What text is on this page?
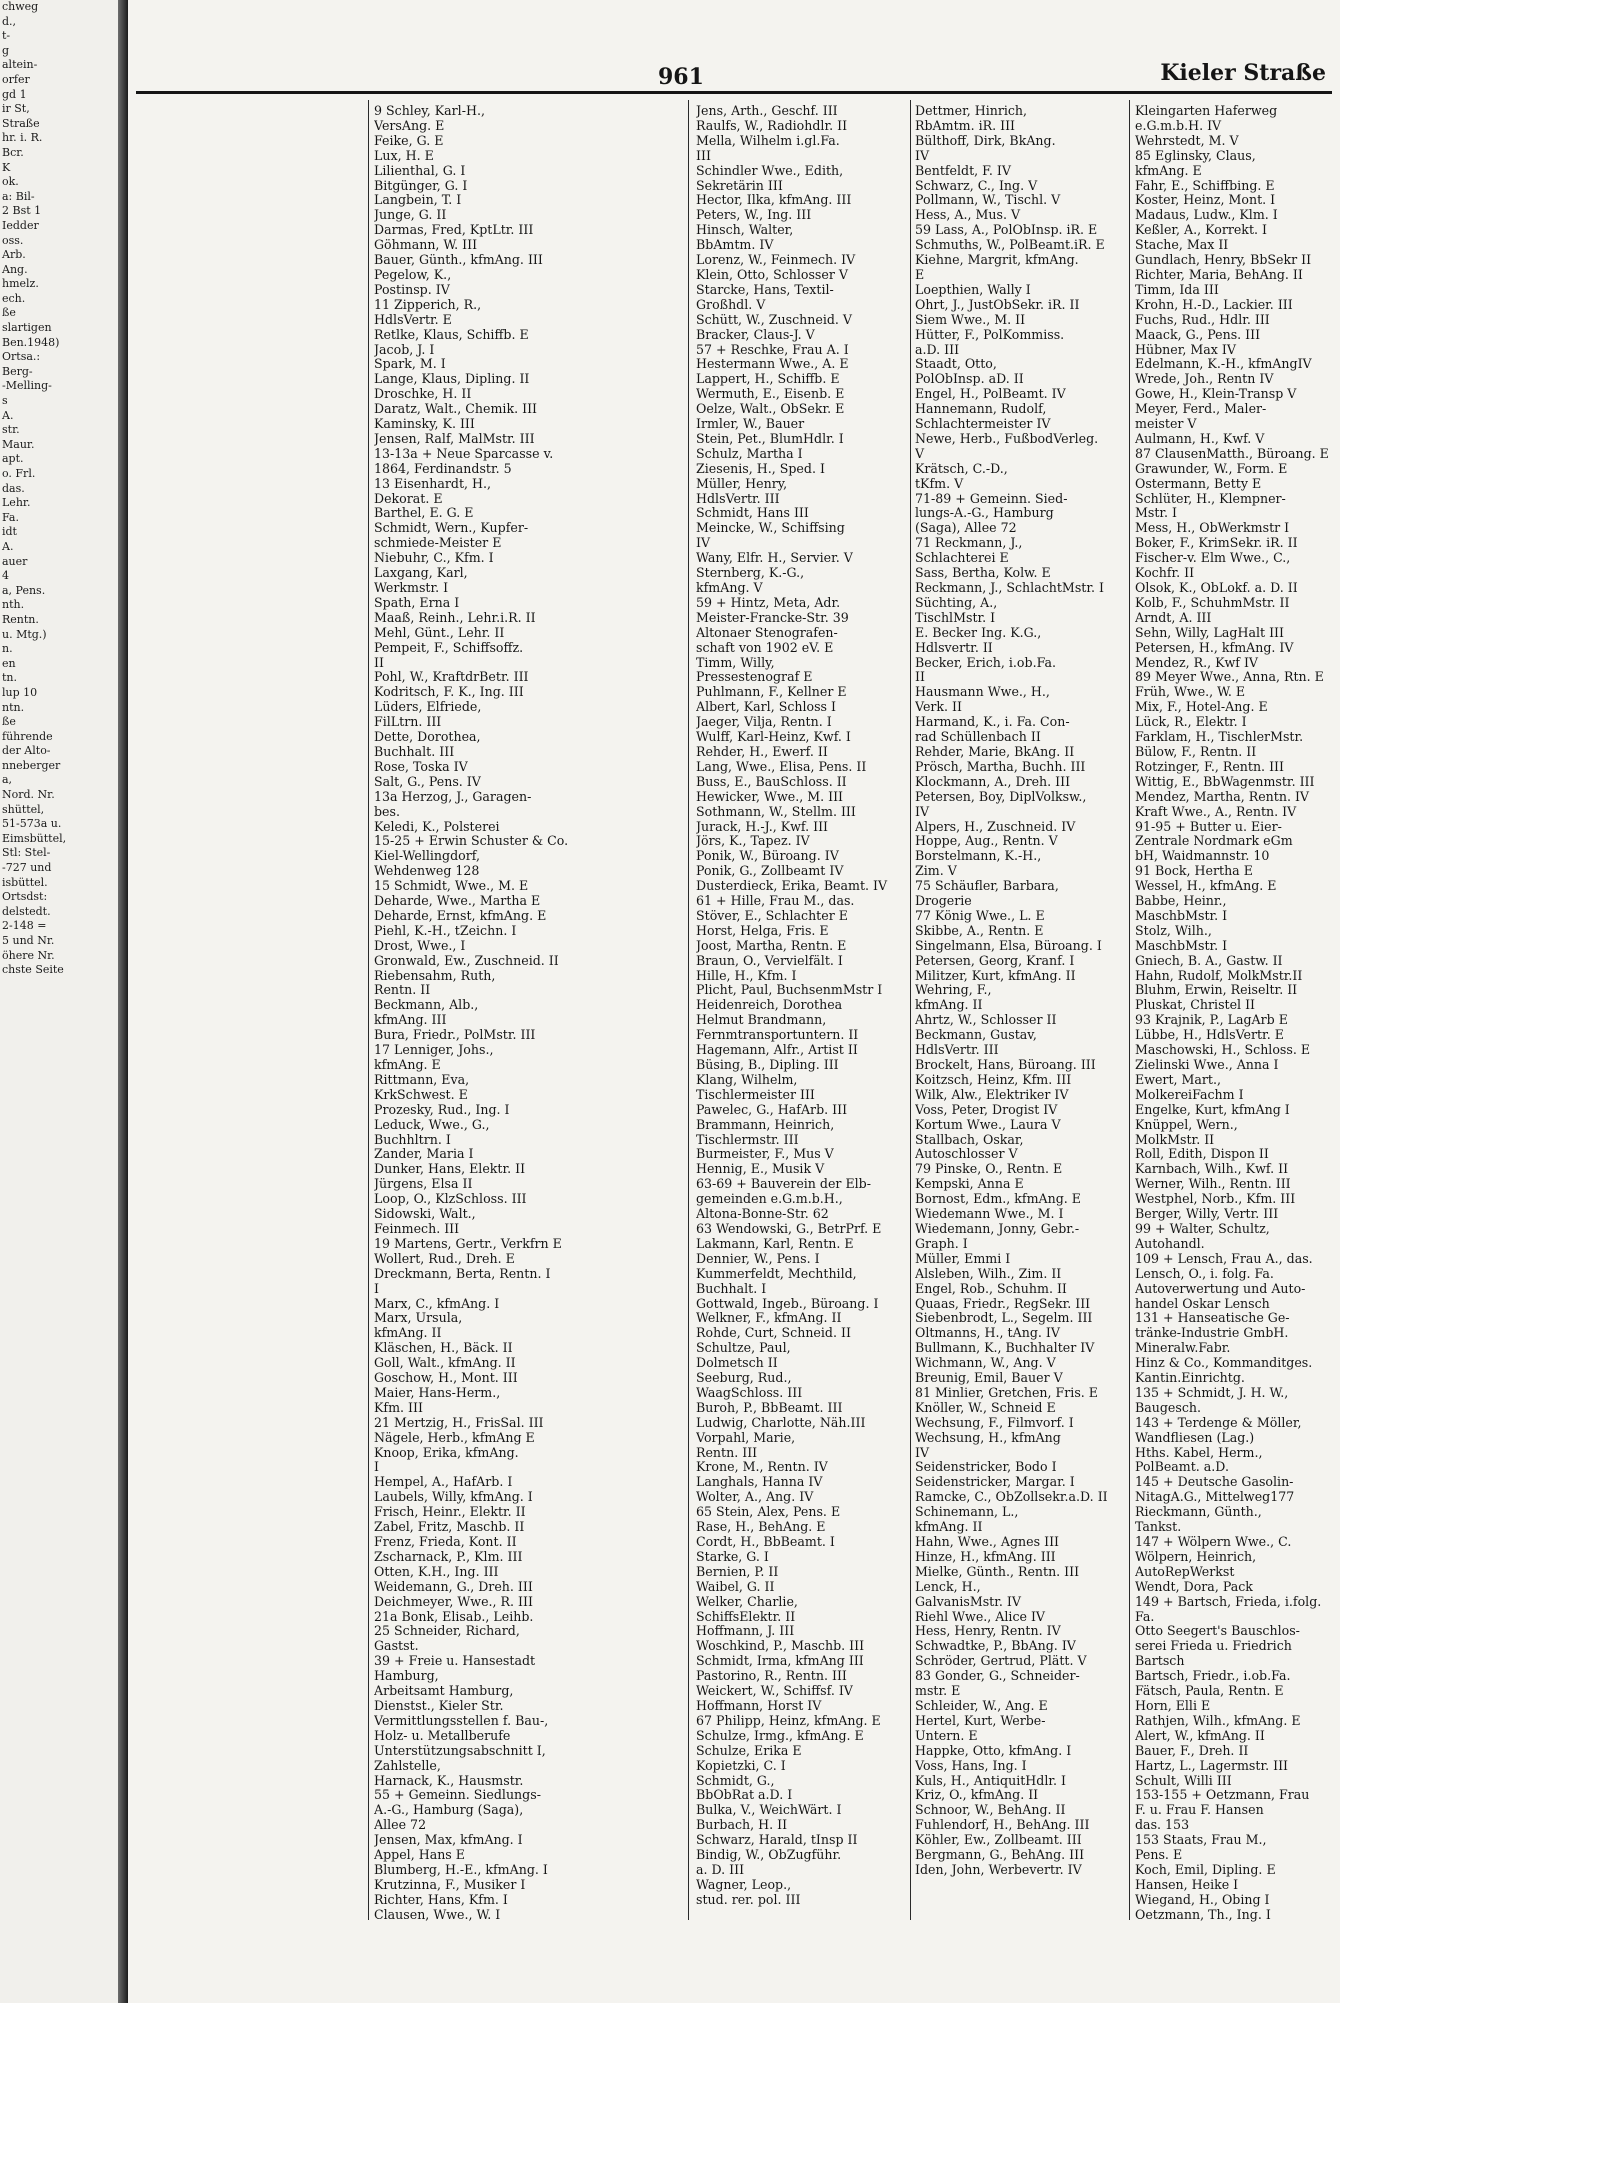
chweg
d.,
t-
g
altein-
orfer
gd 1
ir St,
Straße
hr. i. R.
Bcr.
K
ok.
a: Bil-
2 Bst 1
Iedder
oss.
Arb.
Ang.
hmelz.
ech.
ße
slartigen
Ben.1948)
Ortsa.:
Berg-
-Melling-
s
A.
str.
Maur.
apt.
o. Frl.
das.
Lehr.
Fa.
idt
A.
auer
4
a, Pens.
nth.
Rentn.
u. Mtg.)
n.
en
tn.
lup 10
ntn.
ße
führende
der Alto-
nneberger
a,
Nord. Nr.
shüttel,
51-573a u.
Eimsbüttel,
Stl: Stel-
-727 und
isbüttel.
Ortsdst:
delstedt.
2-148 =
5 und Nr.
öhere Nr.
chste Seite
961	Kieler Straße
9 Schley, Karl-H.,
VersAng. E
Feike, G. E
Lux, H. E
Lilienthal, G. I
Bitgünger, G. I
Langbein, T. I
Junge, G. II
Darmas, Fred, KptLtr. III
Göhmann, W. III
Bauer, Günth., kfmAng. III
Pegelow, K.,
Postinsp. IV
11 Zipperich, R.,
HdlsVertr. E
Retlke, Klaus, Schiffb. E
Jacob, J. I
Spark, M. I
Lange, Klaus, Dipling. II
Droschke, H. II
Daratz, Walt., Chemik. III
Kaminsky, K. III
Jensen, Ralf, MalMstr. III
13-13a + Neue Sparcasse v.
1864, Ferdinandstr. 5
13 Eisenhardt, H.,
Dekorat. E
Barthel, E. G. E
Schmidt, Wern., Kupfer-
schmiede-Meister E
Niebuhr, C., Kfm. I
Laxgang, Karl,
Werkmstr. I
Spath, Erna I
Maaß, Reinh., Lehr.i.R. II
Mehl, Günt., Lehr. II
Pempeit, F., Schiffsoffz.
II
Pohl, W., KraftdrBetr. III
Kodritsch, F. K., Ing. III
Lüders, Elfriede,
FilLtrn. III
Dette, Dorothea,
Buchhalt. III
Rose, Toska IV
Salt, G., Pens. IV
13a Herzog, J., Garagen-
bes.
Keledi, K., Polsterei
15-25 + Erwin Schuster & Co.
Kiel-Wellingdorf,
Wehdenweg 128
15 Schmidt, Wwe., M. E
Deharde, Wwe., Martha E
Deharde, Ernst, kfmAng. E
Piehl, K.-H., tZeichn. I
Drost, Wwe., I
Gronwald, Ew., Zuschneid. II
Riebensahm, Ruth,
Rentn. II
Beckmann, Alb.,
kfmAng. III
Bura, Friedr., PolMstr. III
17 Lenniger, Johs.,
kfmAng. E
Rittmann, Eva,
KrkSchwest. E
Prozesky, Rud., Ing. I
Leduck, Wwe., G.,
Buchhltrn. I
Zander, Maria I
Dunker, Hans, Elektr. II
Jürgens, Elsa II
Loop, O., KlzSchloss. III
Sidowski, Walt.,
Feinmech. III
19 Martens, Gertr., Verkfrn E
Wollert, Rud., Dreh. E
Dreckmann, Berta, Rentn. I
I
Marx, C., kfmAng. I
Marx, Ursula,
kfmAng. II
Kläschen, H., Bäck. II
Goll, Walt., kfmAng. II
Goschow, H., Mont. III
Maier, Hans-Herm.,
Kfm. III
21 Mertzig, H., FrisSal. III
Nägele, Herb., kfmAng E
Knoop, Erika, kfmAng.
I
Hempel, A., HafArb. I
Laubels, Willy, kfmAng. I
Frisch, Heinr., Elektr. II
Zabel, Fritz, Maschb. II
Frenz, Frieda, Kont. II
Zscharnack, P., Klm. III
Otten, K.H., Ing. III
Weidemann, G., Dreh. III
Deichmeyer, Wwe., R. III
21a Bonk, Elisab., Leihb.
25 Schneider, Richard,
Gastst.
39 + Freie u. Hansestadt
Hamburg,
Arbeitsamt Hamburg,
Dienstst., Kieler Str.
Vermittlungsstellen f. Bau-,
Holz- u. Metallberufe
Unterstützungsabschnitt I,
Zahlstelle,
Harnack, K., Hausmstr.
55 + Gemeinn. Siedlungs-
A.-G., Hamburg (Saga),
Allee 72
Jensen, Max, kfmAng. I
Appel, Hans E
Blumberg, H.-E., kfmAng. I
Krutzinna, F., Musiker I
Richter, Hans, Kfm. I
Clausen, Wwe., W. I
Jens, Arth., Geschf. III
Raulfs, W., Radiohdlr. II
Mella, Wilhelm i.gl.Fa.
III
Schindler Wwe., Edith,
Sekretärin III
Hector, Ilka, kfmAng. III
Peters, W., Ing. III
Hinsch, Walter,
BbAmtm. IV
Lorenz, W., Feinmech. IV
Klein, Otto, Schlosser V
Starcke, Hans, Textil-
Großhdl. V
Schütt, W., Zuschneid. V
Bracker, Claus-J. V
57 + Reschke, Frau A. I
Hestermann Wwe., A. E
Lappert, H., Schiffb. E
Wermuth, E., Eisenb. E
Oelze, Walt., ObSekr. E
Irmler, W., Bauer
Stein, Pet., BlumHdlr. I
Schulz, Martha I
Ziesenis, H., Sped. I
Müller, Henry,
HdlsVertr. III
Schmidt, Hans III
Meincke, W., Schiffsing
IV
Wany, Elfr. H., Servier. V
Sternberg, K.-G.,
kfmAng. V
59 + Hintz, Meta, Adr.
Meister-Francke-Str. 39
Altonaer Stenografen-
schaft von 1902 eV. E
Timm, Willy,
Pressestenograf E
Puhlmann, F., Kellner E
Albert, Karl, Schloss I
Jaeger, Vilja, Rentn. I
Wulff, Karl-Heinz, Kwf. I
Rehder, H., Ewerf. II
Lang, Wwe., Elisa, Pens. II
Buss, E., BauSchloss. II
Hewicker, Wwe., M. III
Sothmann, W., Stellm. III
Jurack, H.-J., Kwf. III
Jörs, K., Tapez. IV
Ponik, W., Büroang. IV
Ponik, G., Zollbeamt IV
Dusterdieck, Erika, Beamt. IV
61 + Hille, Frau M., das.
Stöver, E., Schlachter E
Horst, Helga, Fris. E
Joost, Martha, Rentn. E
Braun, O., Vervielfält. I
Hille, H., Kfm. I
Plicht, Paul, BuchsenmMstr I
Heidenreich, Dorothea
Helmut Brandmann,
Fernmtransportuntern. II
Hagemann, Alfr., Artist II
Büsing, B., Dipling. III
Klang, Wilhelm,
Tischlermeister III
Pawelec, G., HafArb. III
Brammann, Heinrich,
Tischlermstr. III
Burmeister, F., Mus V
Hennig, E., Musik V
63-69 + Bauverein der Elb-
gemeinden e.G.m.b.H.,
Altona-Bonne-Str. 62
63 Wendowski, G., BetrPrf. E
Lakmann, Karl, Rentn. E
Dennier, W., Pens. I
Kummerfeldt, Mechthild,
Buchhalt. I
Gottwald, Ingeb., Büroang. I
Welkner, F., kfmAng. II
Rohde, Curt, Schneid. II
Schultze, Paul,
Dolmetsch II
Seeburg, Rud.,
WaagSchloss. III
Buroh, P., BbBeamt. III
Ludwig, Charlotte, Näh.III
Vorpahl, Marie,
Rentn. III
Krone, M., Rentn. IV
Langhals, Hanna IV
Wolter, A., Ang. IV
65 Stein, Alex, Pens. E
Rase, H., BehAng. E
Cordt, H., BbBeamt. I
Starke, G. I
Bernien, P. II
Waibel, G. II
Welker, Charlie,
SchiffsElektr. II
Hoffmann, J. III
Woschkind, P., Maschb. III
Schmidt, Irma, kfmAng III
Pastorino, R., Rentn. III
Weickert, W., Schiffsf. IV
Hoffmann, Horst IV
67 Philipp, Heinz, kfmAng. E
Schulze, Irmg., kfmAng. E
Schulze, Erika E
Kopietzki, C. I
Schmidt, G.,
BbObRat a.D. I
Bulka, V., WeichWärt. I
Burbach, H. II
Schwarz, Harald, tInsp II
Bindig, W., ObZugführ.
a. D. III
Wagner, Leop.,
stud. rer. pol. III
Dettmer, Hinrich,
RbAmtm. iR. III
Bülthoff, Dirk, BkAng.
IV
Bentfeldt, F. IV
Schwarz, C., Ing. V
Pollmann, W., Tischl. V
Hess, A., Mus. V
59 Lass, A., PolObInsp. iR. E
Schmuths, W., PolBeamt.iR. E
Kiehne, Margrit, kfmAng.
E
Loepthien, Wally I
Ohrt, J., JustObSekr. iR. II
Siem Wwe., M. II
Hütter, F., PolKommiss.
a.D. III
Staadt, Otto,
PolObInsp. aD. II
Engel, H., PolBeamt. IV
Hannemann, Rudolf,
Schlachtermeister IV
Newe, Herb., FußbodVerleg.
V
Krätsch, C.-D.,
tKfm. V
71-89 + Gemeinn. Sied-
lungs-A.-G., Hamburg
(Saga), Allee 72
71 Reckmann, J.,
Schlachterei E
Sass, Bertha, Kolw. E
Reckmann, J., SchlachtMstr. I
Süchting, A.,
TischlMstr. I
E. Becker Ing. K.G.,
Hdlsvertr. II
Becker, Erich, i.ob.Fa.
II
Hausmann Wwe., H.,
Verk. II
Harmand, K., i. Fa. Con-
rad Schüllenbach II
Rehder, Marie, BkAng. II
Prösch, Martha, Buchh. III
Klockmann, A., Dreh. III
Petersen, Boy, DiplVolksw.,
IV
Alpers, H., Zuschneid. IV
Hoppe, Aug., Rentn. V
Borstelmann, K.-H.,
Zim. V
75 Schäufler, Barbara,
Drogerie
77 König Wwe., L. E
Skibbe, A., Rentn. E
Singelmann, Elsa, Büroang. I
Petersen, Georg, Kranf. I
Militzer, Kurt, kfmAng. II
Wehring, F.,
kfmAng. II
Ahrtz, W., Schlosser II
Beckmann, Gustav,
HdlsVertr. III
Brockelt, Hans, Büroang. III
Koitzsch, Heinz, Kfm. III
Wilk, Alw., Elektriker IV
Voss, Peter, Drogist IV
Kortum Wwe., Laura V
Stallbach, Oskar,
Autoschlosser V
79 Pinske, O., Rentn. E
Kempski, Anna E
Bornost, Edm., kfmAng. E
Wiedemann Wwe., M. I
Wiedemann, Jonny, Gebr.-
Graph. I
Müller, Emmi I
Alsleben, Wilh., Zim. II
Engel, Rob., Schuhm. II
Quaas, Friedr., RegSekr. III
Siebenbrodt, L., Segelm. III
Oltmanns, H., tAng. IV
Bullmann, K., Buchhalter IV
Wichmann, W., Ang. V
Breunig, Emil, Bauer V
81 Minlier, Gretchen, Fris. E
Knöller, W., Schneid E
Wechsung, F., Filmvorf. I
Wechsung, H., kfmAng
IV
Seidenstricker, Bodo I
Seidenstricker, Margar. I
Ramcke, C., ObZollsekr.a.D. II
Schinemann, L.,
kfmAng. II
Hahn, Wwe., Agnes III
Hinze, H., kfmAng. III
Mielke, Günth., Rentn. III
Lenck, H.,
GalvanisMstr. IV
Riehl Wwe., Alice IV
Hess, Henry, Rentn. IV
Schwadtke, P., BbAng. IV
Schröder, Gertrud, Plätt. V
83 Gonder, G., Schneider-
mstr. E
Schleider, W., Ang. E
Hertel, Kurt, Werbe-
Untern. E
Happke, Otto, kfmAng. I
Voss, Hans, Ing. I
Kuls, H., AntiquitHdlr. I
Kriz, O., kfmAng. II
Schnoor, W., BehAng. II
Fuhlendorf, H., BehAng. III
Köhler, Ew., Zollbeamt. III
Bergmann, G., BehAng. III
Iden, John, Werbevertr. IV
Kleingarten Haferweg
e.G.m.b.H. IV
Wehrstedt, M. V
85 Eglinsky, Claus,
kfmAng. E
Fahr, E., Schiffbing. E
Koster, Heinz, Mont. I
Madaus, Ludw., Klm. I
Keßler, A., Korrekt. I
Stache, Max II
Gundlach, Henry, BbSekr II
Richter, Maria, BehAng. II
Timm, Ida III
Krohn, H.-D., Lackier. III
Fuchs, Rud., Hdlr. III
Maack, G., Pens. III
Hübner, Max IV
Edelmann, K.-H., kfmAngIV
Wrede, Joh., Rentn IV
Gowe, H., Klein-Transp V
Meyer, Ferd., Maler-
meister V
Aulmann, H., Kwf. V
87 ClausenMatth., Büroang. E
Grawunder, W., Form. E
Ostermann, Betty E
Schlüter, H., Klempner-
Mstr. I
Mess, H., ObWerkmstr I
Boker, F., KrimSekr. iR. II
Fischer-v. Elm Wwe., C.,
Kochfr. II
Olsok, K., ObLokf. a. D. II
Kolb, F., SchuhmMstr. II
Arndt, A. III
Sehn, Willy, LagHalt III
Petersen, H., kfmAng. IV
Mendez, R., Kwf IV
89 Meyer Wwe., Anna, Rtn. E
Früh, Wwe., W. E
Mix, F., Hotel-Ang. E
Lück, R., Elektr. I
Farklam, H., TischlerMstr.
Bülow, F., Rentn. II
Rotzinger, F., Rentn. III
Wittig, E., BbWagenmstr. III
Mendez, Martha, Rentn. IV
Kraft Wwe., A., Rentn. IV
91-95 + Butter u. Eier-
Zentrale Nordmark eGm
bH, Waidmannstr. 10
91 Bock, Hertha E
Wessel, H., kfmAng. E
Babbe, Heinr.,
MaschbMstr. I
Stolz, Wilh.,
MaschbMstr. I
Gniech, B. A., Gastw. II
Hahn, Rudolf, MolkMstr.II
Bluhm, Erwin, Reiseltr. II
Pluskat, Christel II
93 Krajnik, P., LagArb E
Lübbe, H., HdlsVertr. E
Maschowski, H., Schloss. E
Zielinski Wwe., Anna I
Ewert, Mart.,
MolkereiFachm I
Engelke, Kurt, kfmAng I
Knüppel, Wern.,
MolkMstr. II
Roll, Edith, Dispon II
Karnbach, Wilh., Kwf. II
Werner, Wilh., Rentn. III
Westphel, Norb., Kfm. III
Berger, Willy, Vertr. III
99 + Walter, Schultz,
Autohandl.
109 + Lensch, Frau A., das.
Lensch, O., i. folg. Fa.
Autoverwertung und Auto-
handel Oskar Lensch
131 + Hanseatische Ge-
tränke-Industrie GmbH.
Mineralw.Fabr.
Hinz & Co., Kommanditges.
Kantin.Einrichtg.
135 + Schmidt, J. H. W.,
Baugesch.
143 + Terdenge & Möller,
Wandfliesen (Lag.)
Hths. Kabel, Herm.,
PolBeamt. a.D.
145 + Deutsche Gasolin-
NitagA.G., Mittelweg177
Rieckmann, Günth.,
Tankst.
147 + Wölpern Wwe., C.
Wölpern, Heinrich,
AutoRepWerkst
Wendt, Dora, Pack
149 + Bartsch, Frieda, i.folg.
Fa.
Otto Seegert's Bauschlos-
serei Frieda u. Friedrich
Bartsch
Bartsch, Friedr., i.ob.Fa.
Fätsch, Paula, Rentn. E
Horn, Elli E
Rathjen, Wilh., kfmAng. E
Alert, W., kfmAng. II
Bauer, F., Dreh. II
Hartz, L., Lagermstr. III
Schult, Willi III
153-155 + Oetzmann, Frau
F. u. Frau F. Hansen
das. 153
153 Staats, Frau M.,
Pens. E
Koch, Emil, Dipling. E
Hansen, Heike I
Wiegand, H., Obing I
Oetzmann, Th., Ing. I
